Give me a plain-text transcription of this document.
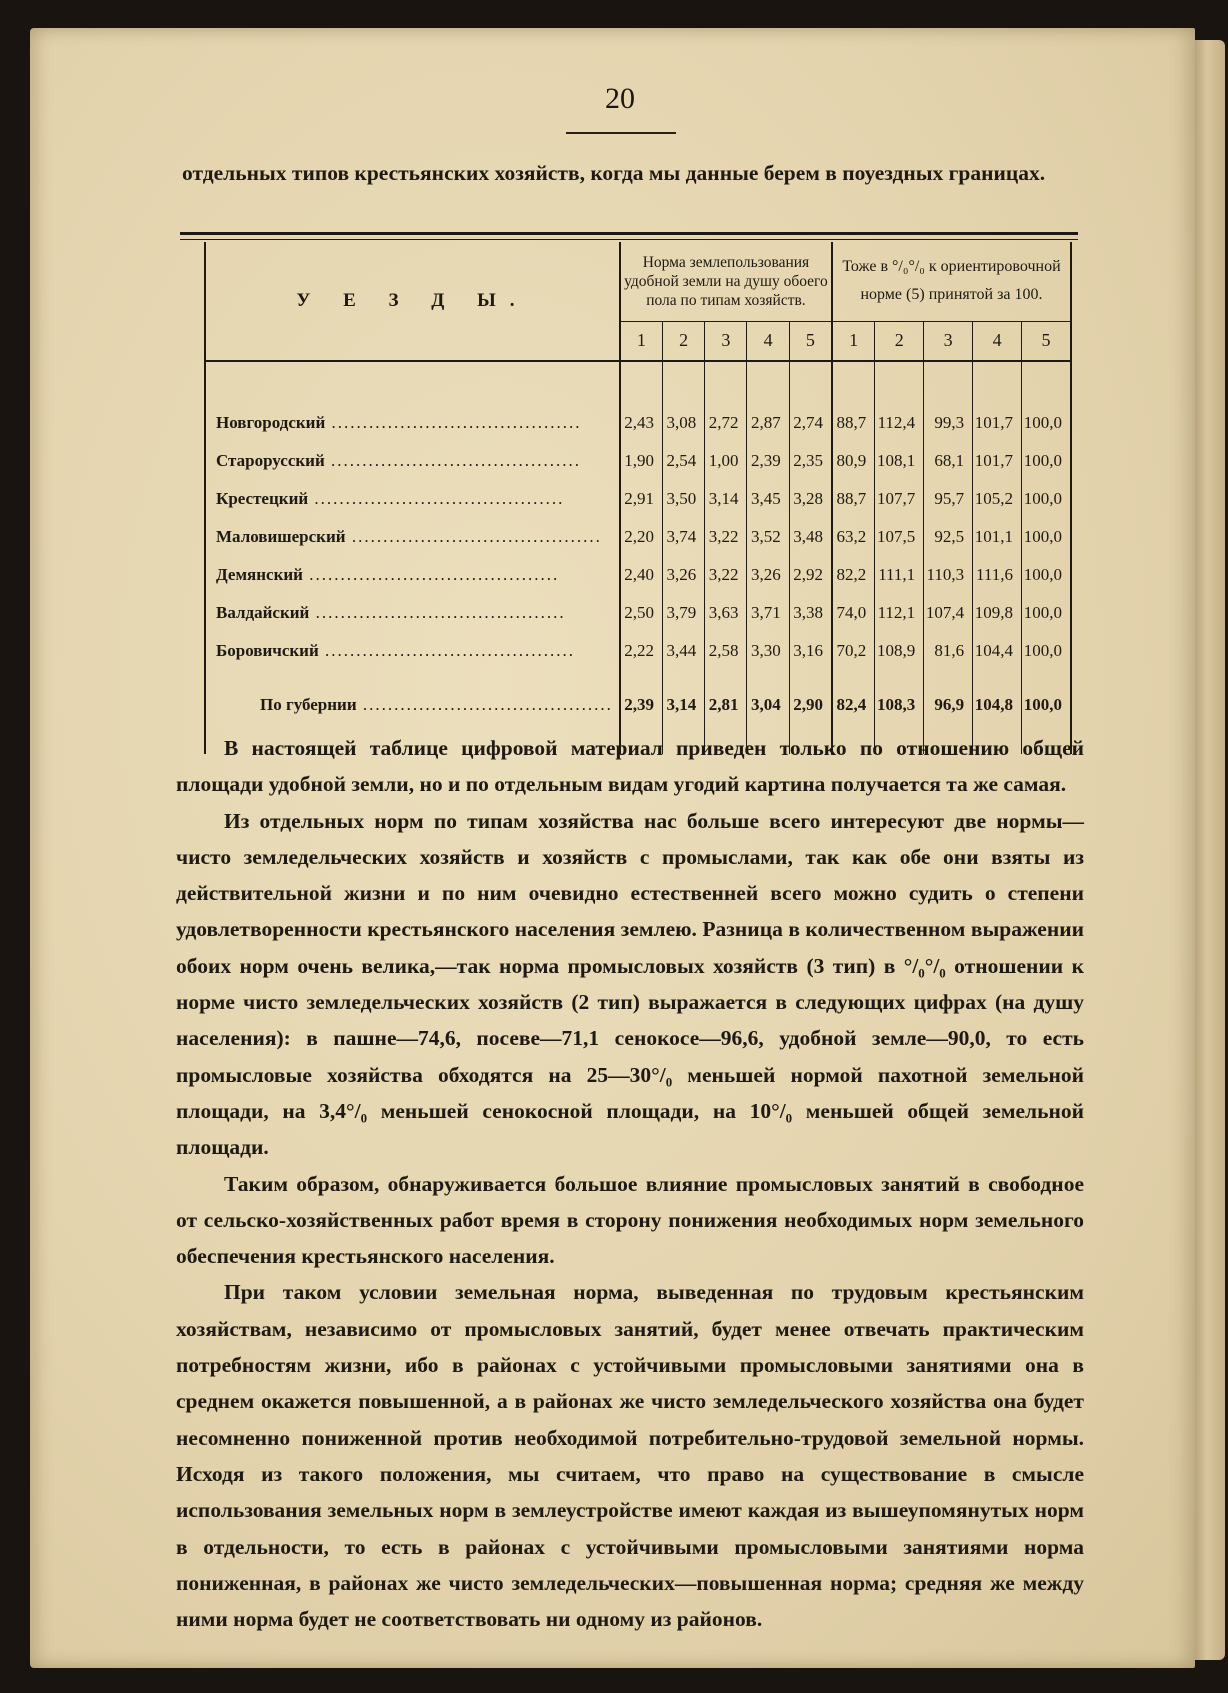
20
отдельных типов крестьянских хозяйств, когда мы данные берем в поуездных границах.
У Е З Д Ы.	Норма землепользования удобной земли на душу обоего пола по типам хозяйств.					Тоже в °/₀°/₀ к ориентировочной норме (5) принятой за 100.				
	1	2	3	4	5	1	2	3	4	5

Новгородский ........................................	2,43	3,08	2,72	2,87	2,74	88,7	112,4	99,3	101,7	100,0
Старорусский ........................................	1,90	2,54	1,00	2,39	2,35	80,9	108,1	68,1	101,7	100,0
Крестецкий ........................................	2,91	3,50	3,14	3,45	3,28	88,7	107,7	95,7	105,2	100,0
Маловишерский ........................................	2,20	3,74	3,22	3,52	3,48	63,2	107,5	92,5	101,1	100,0
Демянский ........................................	2,40	3,26	3,22	3,26	2,92	82,2	111,1	110,3	111,6	100,0
Валдайский ........................................	2,50	3,79	3,63	3,71	3,38	74,0	112,1	107,4	109,8	100,0
Боровичский ........................................	2,22	3,44	2,58	3,30	3,16	70,2	108,9	81,6	104,4	100,0
По губернии ........................................	2,39	3,14	2,81	3,04	2,90	82,4	108,3	96,9	104,8	100,0

В настоящей таблице цифровой материал приведен только по отношению общей площади удобной земли, но и по отдельным видам угодий картина получается та же самая.

Из отдельных норм по типам хозяйства нас больше всего интересуют две нормы—чисто земледельческих хозяйств и хозяйств с промыслами, так как обе они взяты из действительной жизни и по ним очевидно естественней всего можно судить о степени удовлетворенности крестьянского населения землею. Разница в количественном выражении обоих норм очень велика,—так норма промысловых хозяйств (3 тип) в °/₀°/₀ отношении к норме чисто земледельческих хозяйств (2 тип) выражается в следующих цифрах (на душу населения): в пашне—74,6, посеве—71,1 сенокосе—96,6, удобной земле—90,0, то есть промысловые хозяйства обходятся на 25—30°/₀ меньшей нормой пахотной земельной площади, на 3,4°/₀ меньшей сенокосной площади, на 10°/₀ меньшей общей земельной площади.

Таким образом, обнаруживается большое влияние промысловых занятий в свободное от сельско-хозяйственных работ время в сторону понижения необходимых норм земельного обеспечения крестьянского населения.

При таком условии земельная норма, выведенная по трудовым крестьянским хозяйствам, независимо от промысловых занятий, будет менее отвечать практическим потребностям жизни, ибо в районах с устойчивыми промысловыми занятиями она в среднем окажется повышенной, а в районах же чисто земледельческого хозяйства она будет несомненно пониженной против необходимой потребительно-трудовой земельной нормы. Исходя из такого положения, мы считаем, что право на существование в смысле использования земельных норм в землеустройстве имеют каждая из вышеупомянутых норм в отдельности, то есть в районах с устойчивыми промысловыми занятиями норма пониженная, в районах же чисто земледельческих—повышенная норма; средняя же между ними норма будет не соответствовать ни одному из районов.
